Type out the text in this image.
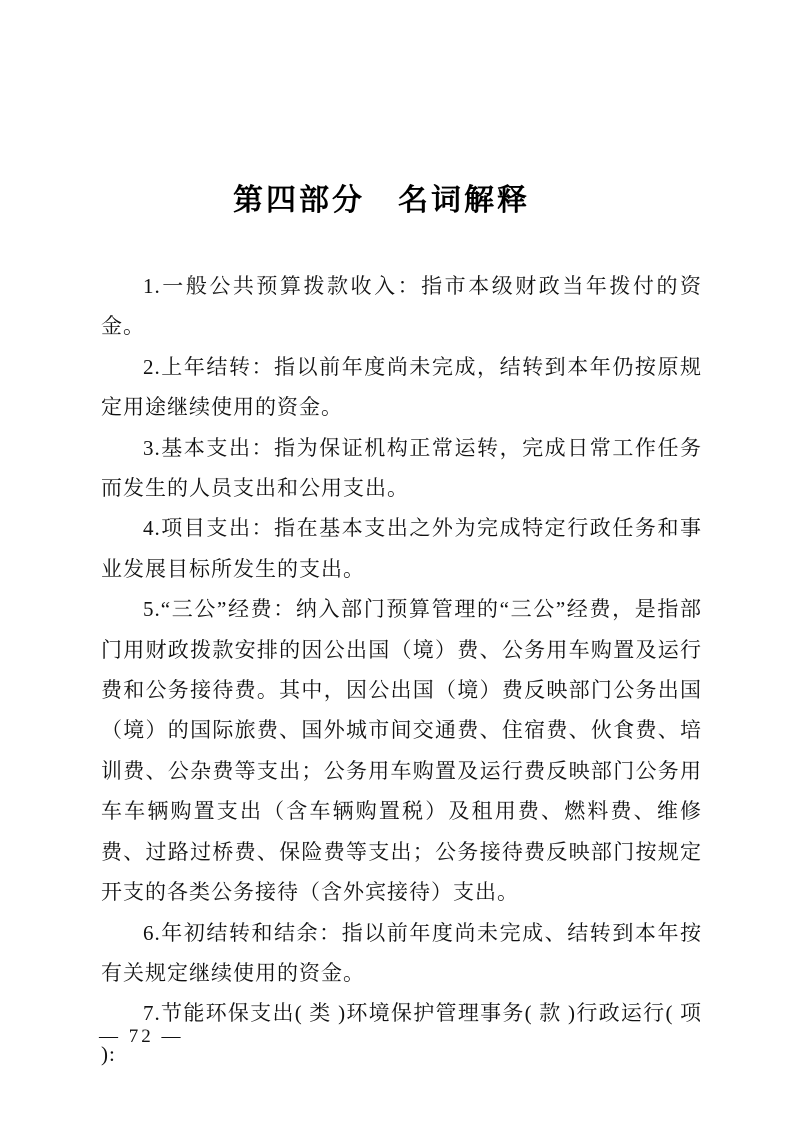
第四部分　名词解释

1.一般公共预算拨款收入：指市本级财政当年拨付的资金。

2.上年结转：指以前年度尚未完成，结转到本年仍按原规定用途继续使用的资金。

3.基本支出：指为保证机构正常运转，完成日常工作任务而发生的人员支出和公用支出。

4.项目支出：指在基本支出之外为完成特定行政任务和事业发展目标所发生的支出。

5.“三公”经费：纳入部门预算管理的“三公”经费，是指部门用财政拨款安排的因公出国（境）费、公务用车购置及运行费和公务接待费。其中，因公出国（境）费反映部门公务出国（境）的国际旅费、国外城市间交通费、住宿费、伙食费、培训费、公杂费等支出；公务用车购置及运行费反映部门公务用车车辆购置支出（含车辆购置税）及租用费、燃料费、维修费、过路过桥费、保险费等支出；公务接待费反映部门按规定开支的各类公务接待（含外宾接待）支出。

6.年初结转和结余：指以前年度尚未完成、结转到本年按有关规定继续使用的资金。

7.节能环保支出( 类 )环境保护管理事务( 款 )行政运行( 项 ):

— 72 —
